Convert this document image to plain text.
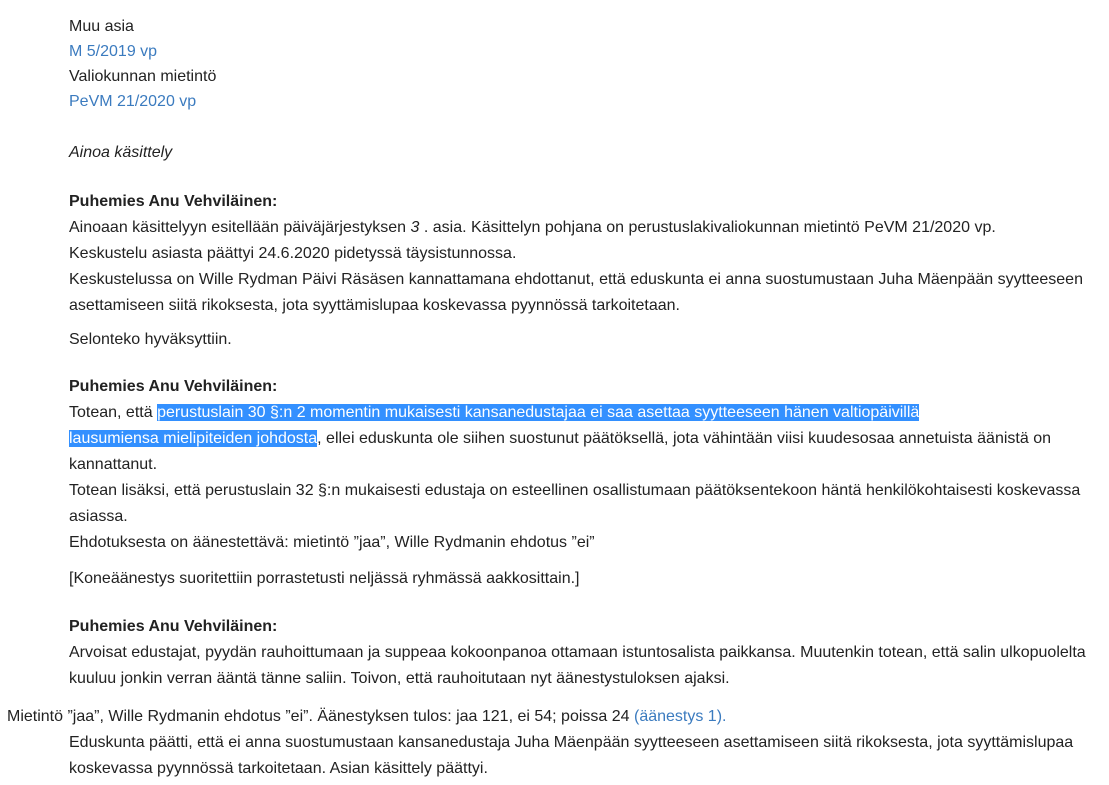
Muu asia

M 5/2019 vp

Valiokunnan mietintö

PeVM 21/2020 vp

Ainoa käsittely

Puhemies Anu Vehviläinen:

Ainoaan käsittelyyn esitellään päiväjärjestyksen 3 . asia. Käsittelyn pohjana on perustuslakivaliokunnan mietintö PeVM 21/2020 vp.
Keskustelu asiasta päättyi 24.6.2020 pidetyssä täysistunnossa.

Keskustelussa on Wille Rydman Päivi Räsäsen kannattamana ehdottanut, että eduskunta ei anna suostumustaan Juha Mäenpään syytteeseen asettamiseen siitä rikoksesta, jota syyttämislupaa koskevassa pyynnössä tarkoitetaan.

Selonteko hyväksyttiin.

Puhemies Anu Vehviläinen:

Totean, että perustuslain 30 §:n 2 momentin mukaisesti kansanedustajaa ei saa asettaa syytteeseen hänen valtiopäivillä
lausumiensa mielipiteiden johdosta, ellei eduskunta ole siihen suostunut päätöksellä, jota vähintään viisi kuudesosaa annetuista äänistä on kannattanut.

Totean lisäksi, että perustuslain 32 §:n mukaisesti edustaja on esteellinen osallistumaan päätöksentekoon häntä henkilökohtaisesti koskevassa asiassa.

Ehdotuksesta on äänestettävä: mietintö ”jaa”, Wille Rydmanin ehdotus ”ei”

[Koneäänestys suoritettiin porrastetusti neljässä ryhmässä aakkosittain.]

Puhemies Anu Vehviläinen:

Arvoisat edustajat, pyydän rauhoittumaan ja suppeaa kokoonpanoa ottamaan istuntosalista paikkansa. Muutenkin totean, että salin ulkopuolelta kuuluu jonkin verran ääntä tänne saliin. Toivon, että rauhoitutaan nyt äänestystuloksen ajaksi.

Eduskunta päätti, että ei anna suostumustaan kansanedustaja Juha Mäenpään syytteeseen asettamiseen siitä rikoksesta, jota syyttämislupaa koskevassa pyynnössä tarkoitetaan. Asian käsittely päättyi.

Mietintö ”jaa”, Wille Rydmanin ehdotus ”ei”. Äänestyksen tulos: jaa 121, ei 54; poissa 24 (äänestys 1).
